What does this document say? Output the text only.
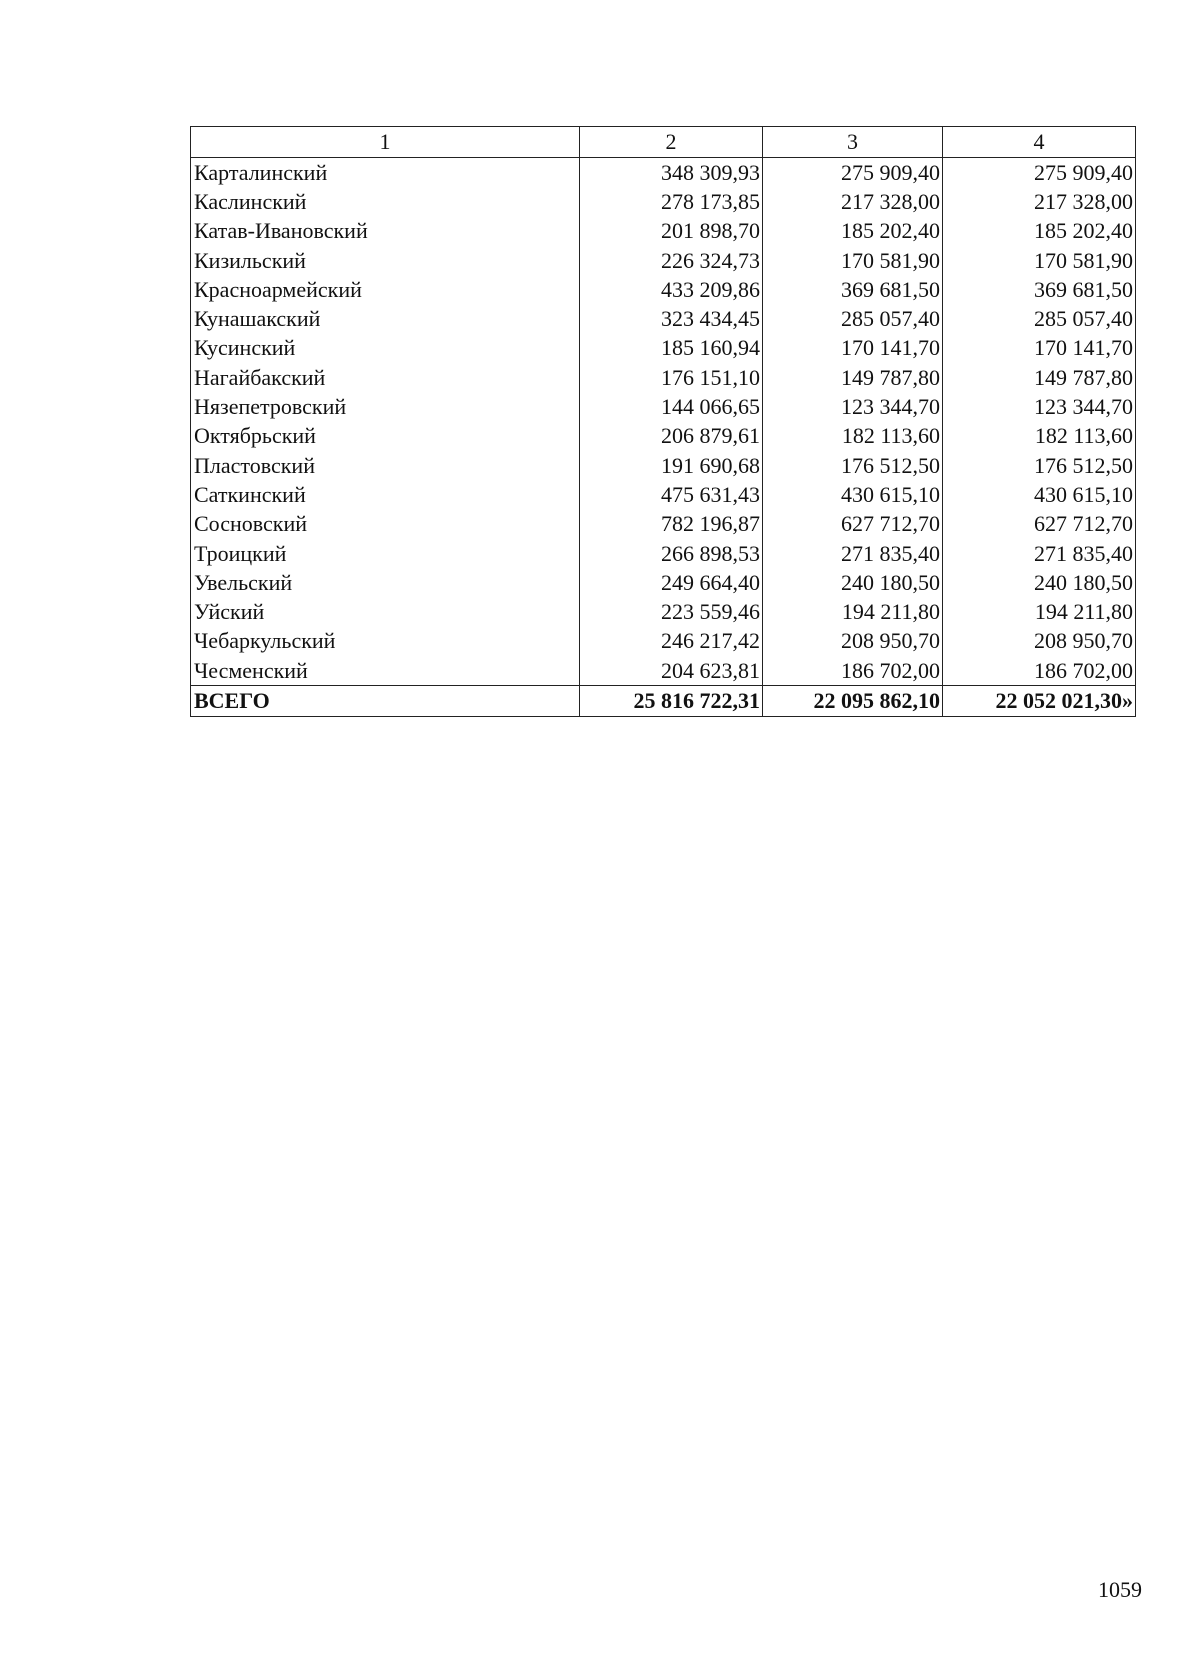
1	2	3	4
Карталинский	348 309,93	275 909,40	275 909,40
Каслинский	278 173,85	217 328,00	217 328,00
Катав-Ивановский	201 898,70	185 202,40	185 202,40
Кизильский	226 324,73	170 581,90	170 581,90
Красноармейский	433 209,86	369 681,50	369 681,50
Кунашакский	323 434,45	285 057,40	285 057,40
Кусинский	185 160,94	170 141,70	170 141,70
Нагайбакский	176 151,10	149 787,80	149 787,80
Нязепетровский	144 066,65	123 344,70	123 344,70
Октябрьский	206 879,61	182 113,60	182 113,60
Пластовский	191 690,68	176 512,50	176 512,50
Саткинский	475 631,43	430 615,10	430 615,10
Сосновский	782 196,87	627 712,70	627 712,70
Троицкий	266 898,53	271 835,40	271 835,40
Увельский	249 664,40	240 180,50	240 180,50
Уйский	223 559,46	194 211,80	194 211,80
Чебаркульский	246 217,42	208 950,70	208 950,70
Чесменский	204 623,81	186 702,00	186 702,00
ВСЕГО	25 816 722,31	22 095 862,10	22 052 021,30»
1059
